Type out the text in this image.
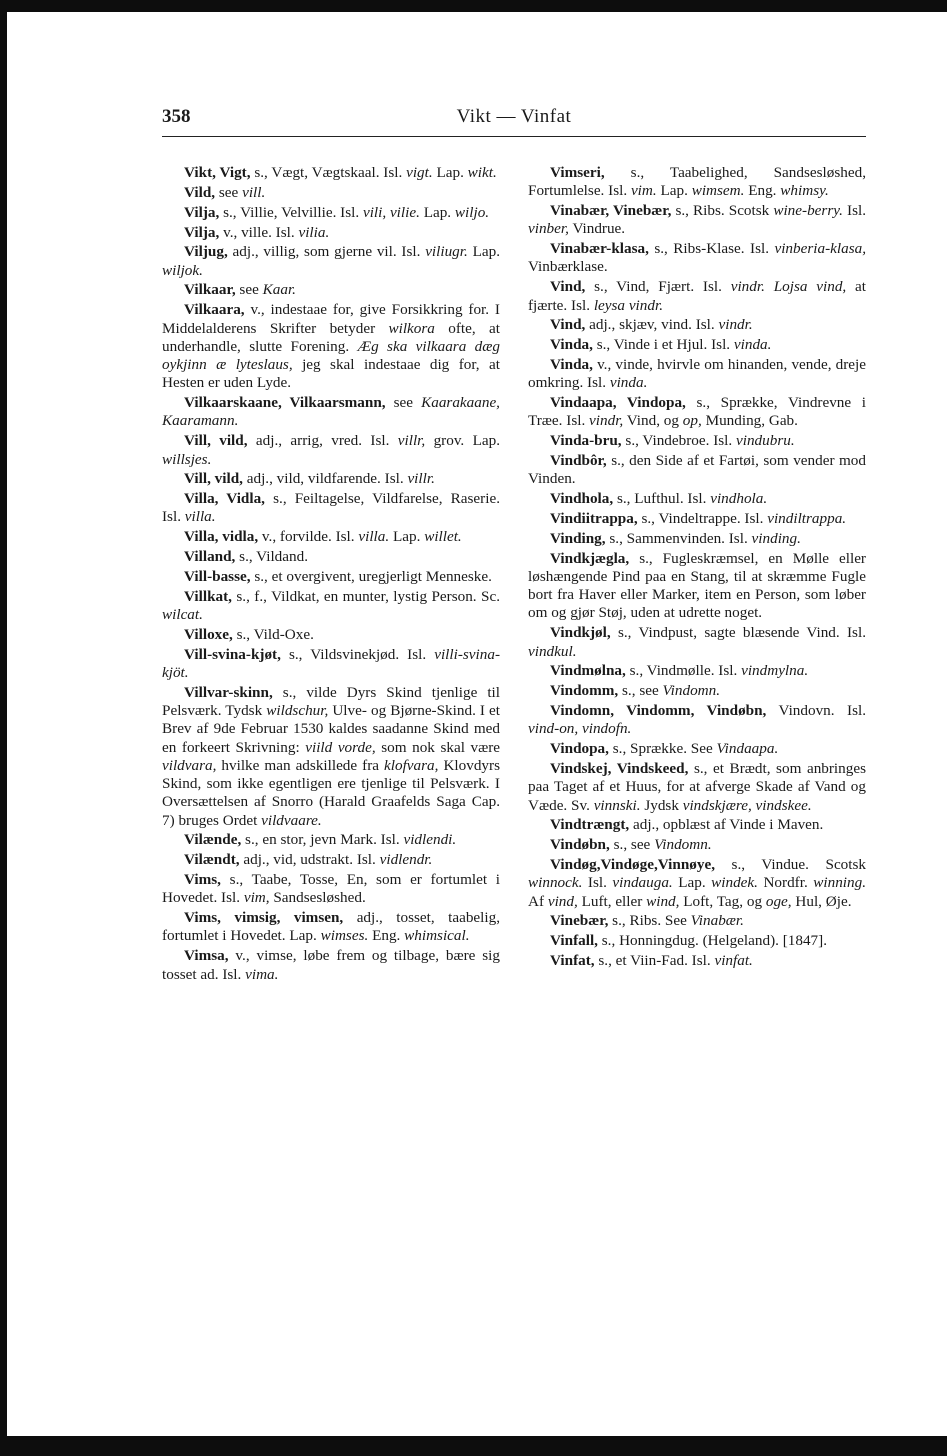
358	Vikt — Vinfat

Vikt, Vigt, s., Vægt, Vægtskaal. Isl. vigt. Lap. wikt.

Vild, see vill.

Vilja, s., Villie, Velvillie. Isl. vili, vilie. Lap. wiljo.

Vilja, v., ville. Isl. vilia.

Viljug, adj., villig, som gjerne vil. Isl. viliugr. Lap. wiljok.

Vilkaar, see Kaar.

Vilkaara, v., indestaae for, give Forsikkring for. I Middelalderens Skrifter betyder wilkora ofte, at underhandle, slutte Forening. Æg ska vilkaara dæg oykjinn æ lyteslaus, jeg skal indestaae dig for, at Hesten er uden Lyde.

Vilkaarskaane, Vilkaarsmann, see Kaarakaane, Kaaramann.

Vill, vild, adj., arrig, vred. Isl. villr, grov. Lap. willsjes.

Vill, vild, adj., vild, vildfarende. Isl. villr.

Villa, Vidla, s., Feiltagelse, Vildfarelse, Raserie. Isl. villa.

Villa, vidla, v., forvilde. Isl. villa. Lap. willet.

Villand, s., Vildand.

Vill-basse, s., et overgivent, uregjerligt Menneske.

Villkat, s., f., Vildkat, en munter, lystig Person. Sc. wilcat.

Villoxe, s., Vild-Oxe.

Vill-svina-kjøt, s., Vildsvinekjød. Isl. villi-svina-kjöt.

Villvar-skinn, s., vilde Dyrs Skind tjenlige til Pelsværk. Tydsk wildschur, Ulve- og Bjørne-Skind. I et Brev af 9de Februar 1530 kaldes saadanne Skind med en forkeert Skrivning: viild vorde, som nok skal være vildvara, hvilke man adskillede fra klofvara, Klovdyrs Skind, som ikke egentligen ere tjenlige til Pelsværk. I Oversættelsen af Snorro (Harald Graafelds Saga Cap. 7) bruges Ordet vildvaare.

Vilænde, s., en stor, jevn Mark. Isl. vidlendi.

Vilændt, adj., vid, udstrakt. Isl. vidlendr.

Vims, s., Taabe, Tosse, En, som er fortumlet i Hovedet. Isl. vim, Sandsesløshed.

Vims, vimsig, vimsen, adj., tosset, taabelig, fortumlet i Hovedet. Lap. wimses. Eng. whimsical.

Vimsa, v., vimse, løbe frem og tilbage, bære sig tosset ad. Isl. vima.

Vimseri, s., Taabelighed, Sandsesløshed, Fortumlelse. Isl. vim. Lap. wimsem. Eng. whimsy.

Vinabær, Vinebær, s., Ribs. Scotsk wine-berry. Isl. vinber, Vindrue.

Vinabær-klasa, s., Ribs-Klase. Isl. vinberia-klasa, Vinbærklase.

Vind, s., Vind, Fjært. Isl. vindr. Lojsa vind, at fjærte. Isl. leysa vindr.

Vind, adj., skjæv, vind. Isl. vindr.

Vinda, s., Vinde i et Hjul. Isl. vinda.

Vinda, v., vinde, hvirvle om hinanden, vende, dreje omkring. Isl. vinda.

Vindaapa, Vindopa, s., Sprække, Vindrevne i Træe. Isl. vindr, Vind, og op, Munding, Gab.

Vinda-bru, s., Vindebroe. Isl. vindubru.

Vindbôr, s., den Side af et Fartøi, som vender mod Vinden.

Vindhola, s., Lufthul. Isl. vindhola.

Vindiitrappa, s., Vindeltrappe. Isl. vindiltrappa.

Vinding, s., Sammenvinden. Isl. vinding.

Vindkjægla, s., Fugleskræmsel, en Mølle eller løshængende Pind paa en Stang, til at skræmme Fugle bort fra Haver eller Marker, item en Person, som løber om og gjør Støj, uden at udrette noget.

Vindkjøl, s., Vindpust, sagte blæsende Vind. Isl. vindkul.

Vindmølna, s., Vindmølle. Isl. vindmylna.

Vindomm, s., see Vindomn.

Vindomn, Vindomm, Vindøbn, Vindovn. Isl. vind-on, vindofn.

Vindopa, s., Sprække. See Vindaapa.

Vindskej, Vindskeed, s., et Brædt, som anbringes paa Taget af et Huus, for at afverge Skade af Vand og Væde. Sv. vinnski. Jydsk vindskjære, vindskee.

Vindtrængt, adj., opblæst af Vinde i Maven.

Vindøbn, s., see Vindomn.

Vindøg,Vindøge,Vinnøye, s., Vindue. Scotsk winnock. Isl. vindauga. Lap. windek. Nordfr. winning. Af vind, Luft, eller wind, Loft, Tag, og oge, Hul, Øje.

Vinebær, s., Ribs. See Vinabær.

Vinfall, s., Honningdug. (Helgeland). [1847].

Vinfat, s., et Viin-Fad. Isl. vinfat.
